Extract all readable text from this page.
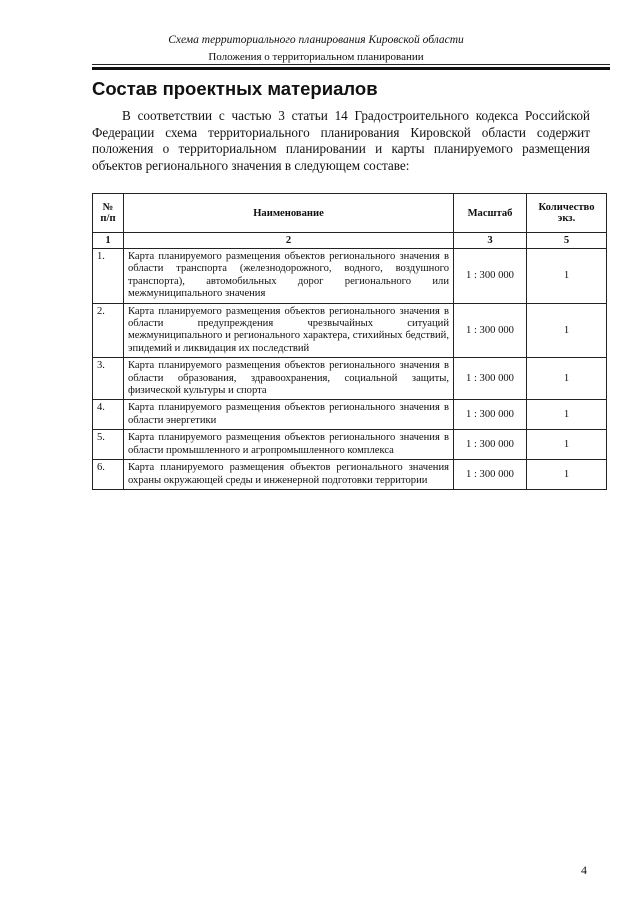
Схема территориального планирования Кировской области
Положения о территориальном планировании
Состав проектных материалов

В соответствии с частью 3 статьи 14 Градостроительного кодекса Российской Федерации схема территориального планирования Кировской области содержит положения о территориальном планировании и карты планируемого размещения объектов регионального значения в следующем составе:

№ п/п	Наименование	Масштаб	Количество экз.
1	2	3	5
1.	Карта планируемого размещения объектов регионального значения в области транспорта (железнодорожного, водного, воздушного транспорта), автомобильных дорог регионального или межмуниципального значения	1 : 300 000	1
2.	Карта планируемого размещения объектов регионального значения в области предупреждения чрезвычайных ситуаций межмуниципального и регионального характера, стихийных бедствий, эпидемий и ликвидация их последствий	1 : 300 000	1
3.	Карта планируемого размещения объектов регионального значения в области образования, здравоохранения, социальной защиты, физической культуры и спорта	1 : 300 000	1
4.	Карта планируемого размещения объектов регионального значения в области энергетики	1 : 300 000	1
5.	Карта планируемого размещения объектов регионального значения в области промышленного и агропромышленного комплекса	1 : 300 000	1
6.	Карта планируемого размещения объектов регионального значения охраны окружающей среды и инженерной подготовки территории	1 : 300 000	1
4
